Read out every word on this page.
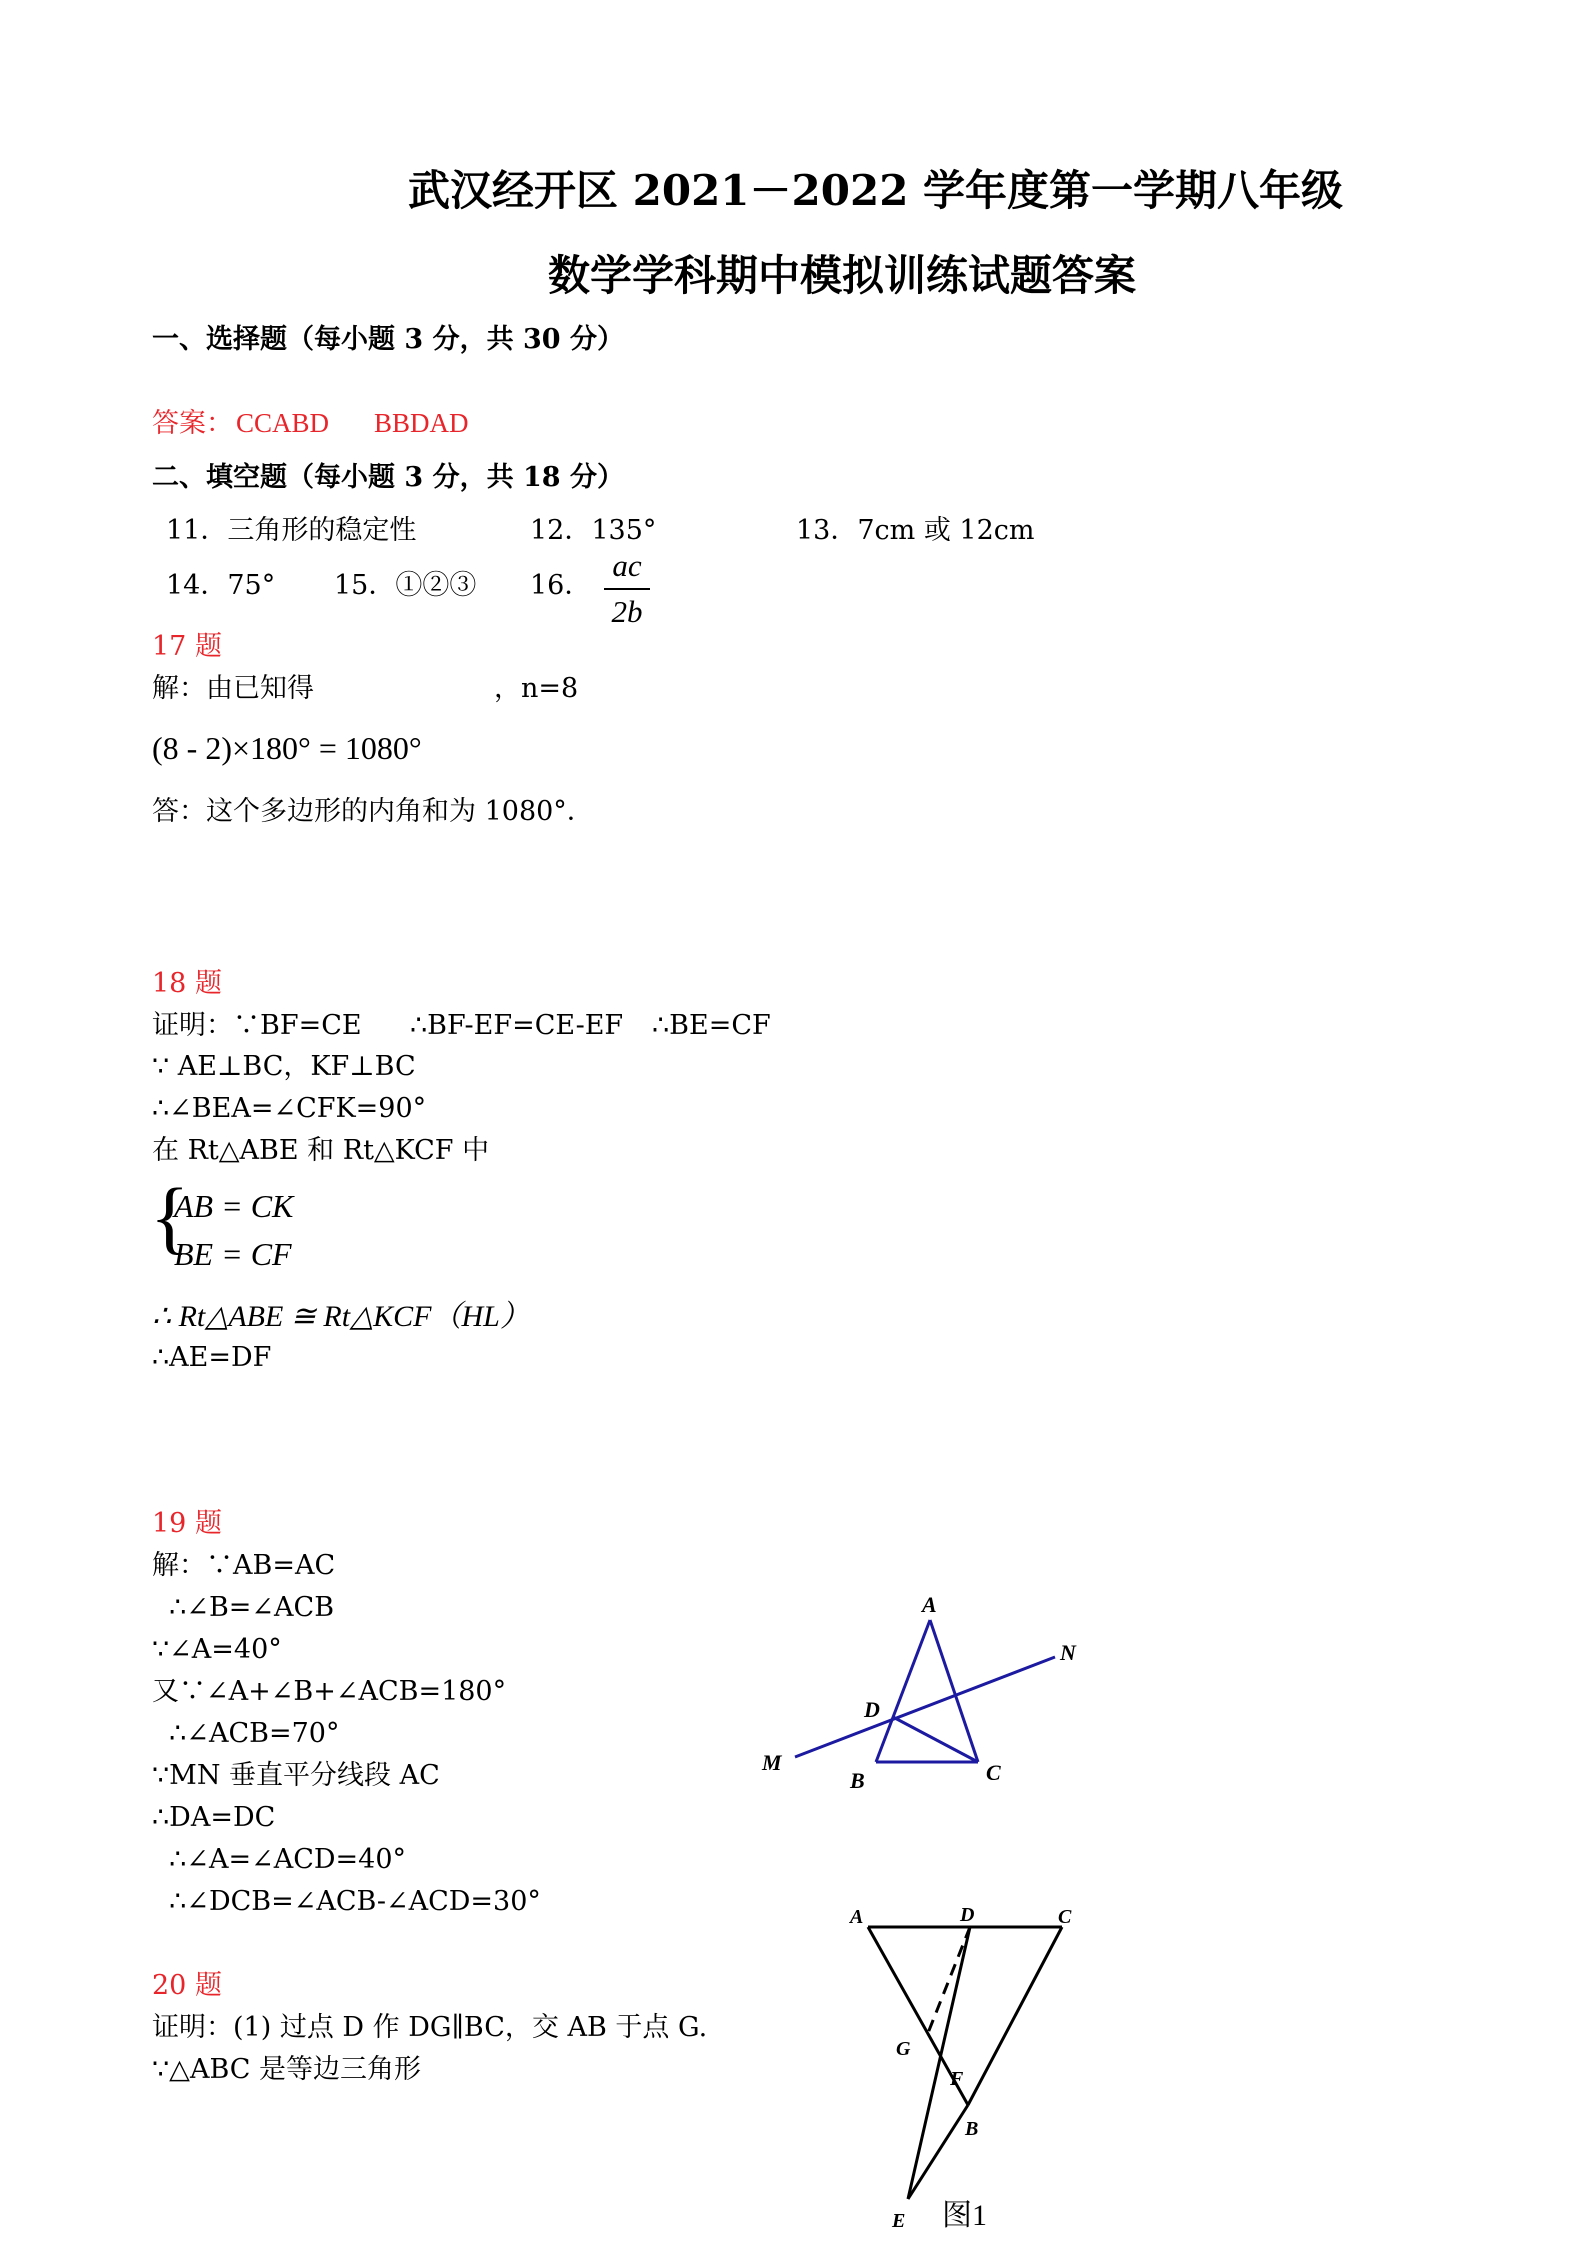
武汉经开区 2021－2022 学年度第一学期八年级
数学学科期中模拟训练试题答案
一、选择题（每小题 3 分，共 30 分）
答案： CCABD BBDAD
二、填空题（每小题 3 分，共 18 分）
11．三角形的稳定性	12．135°	13．7cm 或 12cm
14．75° 15．①②③ 16．
ac
2b
17 题
解：由已知得	，n=8
(8 - 2)×180° = 1080°
答：这个多边形的内角和为 1080°．
18 题
证明：∵BF=CE ∴BF-EF=CE-EF ∴BE=CF
∵ AE⊥BC，KF⊥BC
∴∠BEA=∠CFK=90°
在 Rt△ABE 和 Rt△KCF 中
{
AB = CK
BE = CF
∴ Rt△ABE ≅ Rt△KCF（HL）
∴AE=DF
19 题
解：∵AB=AC
∴∠B=∠ACB
∵∠A=40°
又∵∠A+∠B+∠ACB=180°
∴∠ACB=70°
∵MN 垂直平分线段 AC
∴DA=DC
∴∠A=∠ACD=40°
∴∠DCB=∠ACB-∠ACD=30°
A
N
D
M
B	C
20 题
证明：(1) 过点 D 作 DG∥BC，交 AB 于点 G.
∵△ABC 是等边三角形
A	D	C
G
F
B
E 图1
